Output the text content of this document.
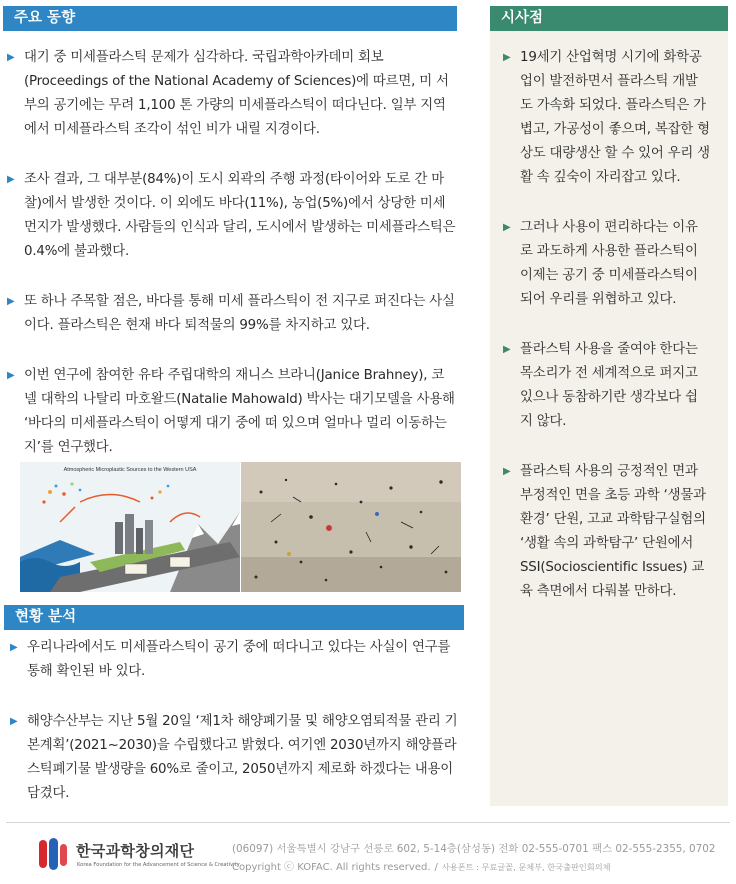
주요 동향	시사점
▶ 대기 중 미세플라스틱 문제가 심각하다. 국립과학아카데미 회보(Proceedings of the National Academy of Sciences)에 따르면, 미 서부의 공기에는 무려 1,100 톤 가량의 미세플라스틱이 떠다닌다. 일부 지역에서 미세플라스틱 조각이 섞인 비가 내릴 지경이다.
▶ 조사 결과, 그 대부분(84%)이 도시 외곽의 주행 과정(타이어와 도로 간 마찰)에서 발생한 것이다. 이 외에도 바다(11%), 농업(5%)에서 상당한 미세먼지가 발생했다. 사람들의 인식과 달리, 도시에서 발생하는 미세플라스틱은 0.4%에 불과했다.
▶ 또 하나 주목할 점은, 바다를 통해 미세 플라스틱이 전 지구로 퍼진다는 사실이다. 플라스틱은 현재 바다 퇴적물의 99%를 차지하고 있다.
▶ 이번 연구에 참여한 유타 주립대학의 재니스 브라니(Janice Brahney), 코넬 대학의 나탈리 마호왈드(Natalie Mahowald) 박사는 대기모델을 사용해 ‘바다의 미세플라스틱이 어떻게 대기 중에 떠 있으며 얼마나 멀리 이동하는지’를 연구했다.
Atmospheric Microplastic Sources to the Western USA
현황 분석
▶ 우리나라에서도 미세플라스틱이 공기 중에 떠다니고 있다는 사실이 연구를 통해 확인된 바 있다.
▶ 해양수산부는 지난 5월 20일 ‘제1차 해양폐기물 및 해양오염퇴적물 관리 기본계획’(2021~2030)을 수립했다고 밝혔다. 여기엔 2030년까지 해양플라스틱폐기물 발생량을 60%로 줄이고, 2050년까지 제로화 하겠다는 내용이 담겼다.
▶ 19세기 산업혁명 시기에 화학공업이 발전하면서 플라스틱 개발도 가속화 되었다. 플라스틱은 가볍고, 가공성이 좋으며, 복잡한 형상도 대량생산 할 수 있어 우리 생활 속 깊숙이 자리잡고 있다.
▶ 그러나 사용이 편리하다는 이유로 과도하게 사용한 플라스틱이 이제는 공기 중 미세플라스틱이 되어 우리를 위협하고 있다.
▶ 플라스틱 사용을 줄여야 한다는 목소리가 전 세계적으로 퍼지고 있으나 동참하기란 생각보다 쉽지 않다.
▶ 플라스틱 사용의 긍정적인 면과 부정적인 면을 초등 과학 ‘생물과 환경’ 단원, 고교 과학탐구실험의 ‘생활 속의 과학탐구’ 단원에서 SSI(Socioscientific Issues) 교육 측면에서 다뤄볼 만하다.
한국과학창의재단
Korea Foundation for the Advancement of Science & Creativity
(06097) 서울특별시 강남구 선릉로 602, 5-14층(삼성동) 전화 02-555-0701 팩스 02-555-2355, 0702
Copyright ⓒ KOFAC. All rights reserved. / 사용폰트 : 무료글꼴, 문체부, 한국출판인회의체
